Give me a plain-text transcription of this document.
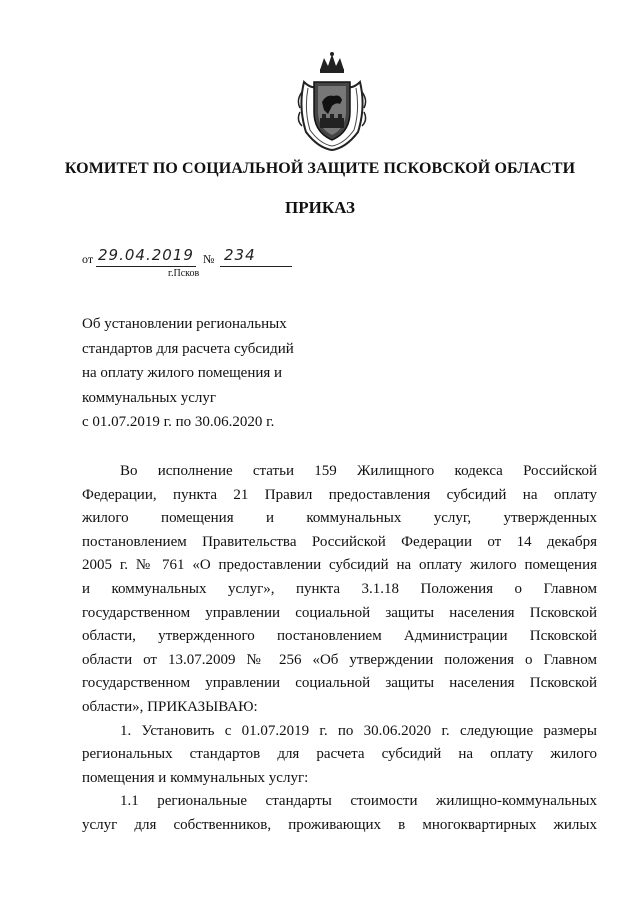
КОМИТЕТ ПО СОЦИАЛЬНОЙ ЗАЩИТЕ ПСКОВСКОЙ ОБЛАСТИ
ПРИКАЗ
от 29.04.2019 № 234
г.Псков
Об установлении региональных
стандартов для расчета субсидий
на оплату жилого помещения и
коммунальных услуг
с 01.07.2019 г. по 30.06.2020 г.
Во исполнение статьи 159 Жилищного кодекса Российской
Федерации, пункта 21 Правил предоставления субсидий на оплату
жилого помещения и коммунальных услуг, утвержденных
постановлением Правительства Российской Федерации от 14 декабря
2005 г. № 761 «О предоставлении субсидий на оплату жилого помещения
и коммунальных услуг», пункта 3.1.18 Положения о Главном
государственном управлении социальной защиты населения Псковской
области, утвержденного постановлением Администрации Псковской
области от 13.07.2009 № 256 «Об утверждении положения о Главном
государственном управлении социальной защиты населения Псковской
области», ПРИКАЗЫВАЮ:
1. Установить с 01.07.2019 г. по 30.06.2020 г. следующие размеры
региональных стандартов для расчета субсидий на оплату жилого
помещения и коммунальных услуг:
1.1 региональные стандарты стоимости жилищно-коммунальных
услуг для собственников, проживающих в многоквартирных жилых
